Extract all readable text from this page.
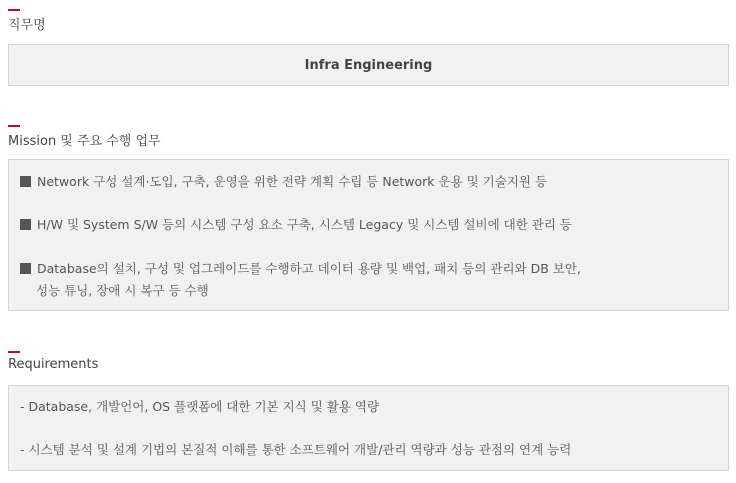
직무명
Infra Engineering
Mission 및 주요 수행 업무
Network 구성 설계·도입, 구축, 운영을 위한 전략 계획 수립 등 Network 운용 및 기술지원 등
H/W 및 System S/W 등의 시스템 구성 요소 구축, 시스템 Legacy 및 시스템 설비에 대한 관리 등
Database의 설치, 구성 및 업그레이드를 수행하고 데이터 용량 및 백업, 패치 등의 관리와 DB 보안,
성능 튜닝, 장애 시 복구 등 수행
Requirements
- Database, 개발언어, OS 플랫폼에 대한 기본 지식 및 활용 역량
- 시스템 분석 및 설계 기법의 본질적 이해를 통한 소프트웨어 개발/관리 역량과 성능 관점의 연계 능력
